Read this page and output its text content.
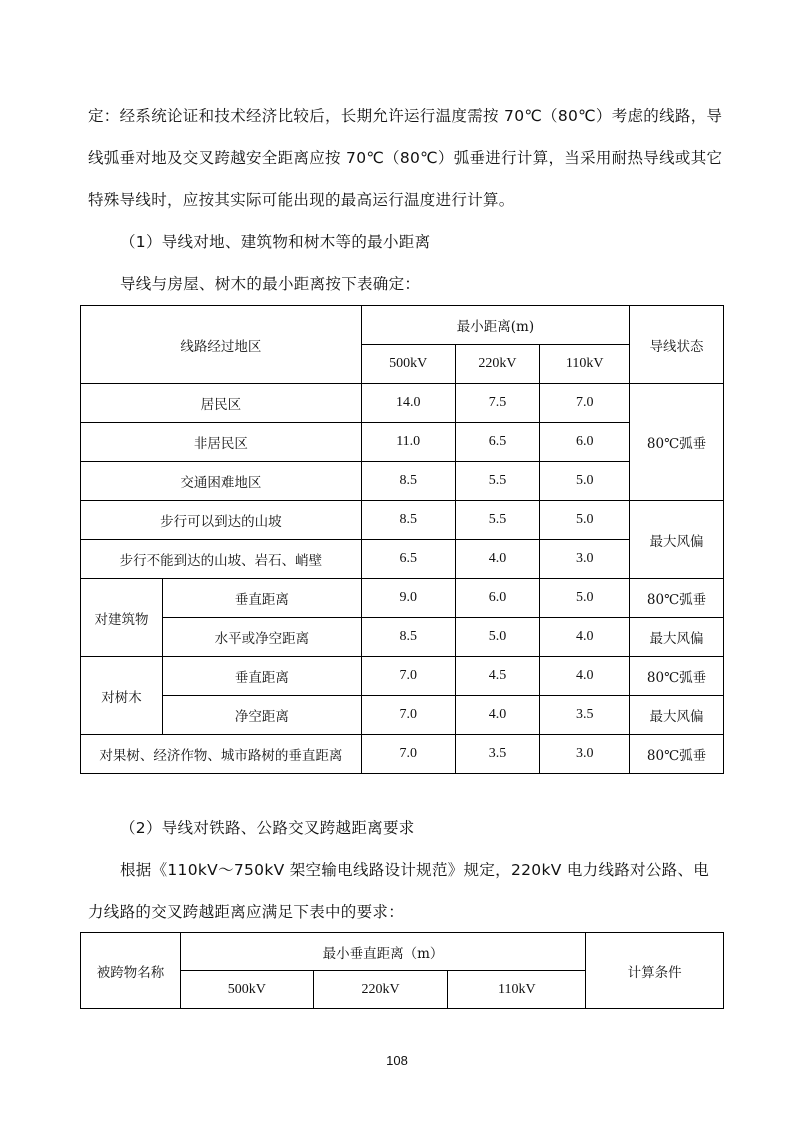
定：经系统论证和技术经济比较后，长期允许运行温度需按 70℃（80℃）考虑的线路，导
线弧垂对地及交叉跨越安全距离应按 70℃（80℃）弧垂进行计算，当采用耐热导线或其它
特殊导线时，应按其实际可能出现的最高运行温度进行计算。
（1）导线对地、建筑物和树木等的最小距离
导线与房屋、树木的最小距离按下表确定：
线路经过地区		最小距离(m)			导线状态
		500kV	220kV	110kV	
居民区		14.0	7.5	7.0	80℃弧垂
非居民区		11.0	6.5	6.0	
交通困难地区		8.5	5.5	5.0	
步行可以到达的山坡		8.5	5.5	5.0	最大风偏
步行不能到达的山坡、岩石、峭壁		6.5	4.0	3.0	
对建筑物	垂直距离	9.0	6.0	5.0	80℃弧垂
	水平或净空距离	8.5	5.0	4.0	最大风偏
对树木	垂直距离	7.0	4.5	4.0	80℃弧垂
	净空距离	7.0	4.0	3.5	最大风偏
对果树、经济作物、城市路树的垂直距离		7.0	3.5	3.0	80℃弧垂
（2）导线对铁路、公路交叉跨越距离要求
根据《110kV～750kV 架空输电线路设计规范》规定，220kV 电力线路对公路、电
力线路的交叉跨越距离应满足下表中的要求：
被跨物名称	最小垂直距离（m）			计算条件
	500kV	220kV	110kV	
108
